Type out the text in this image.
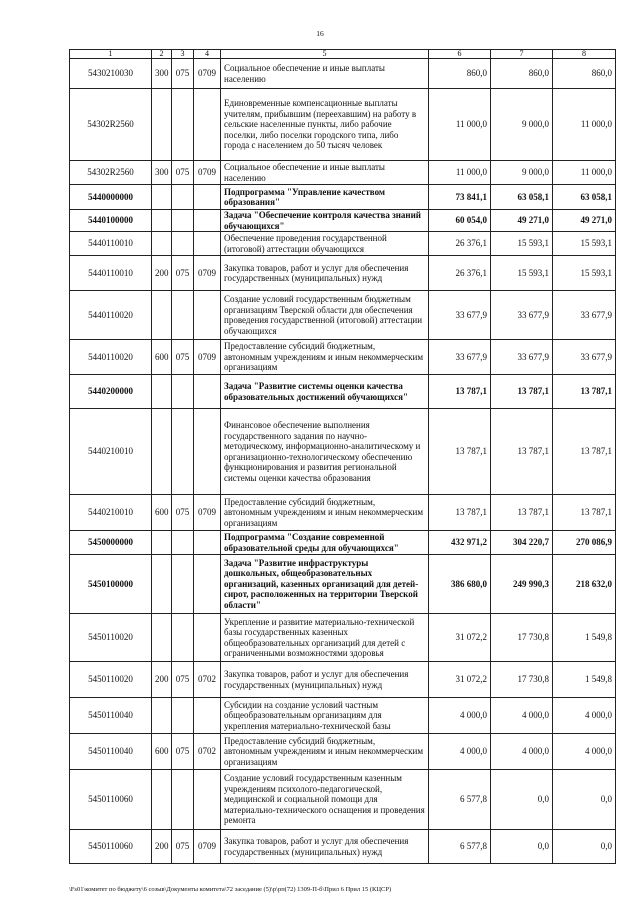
16
1	2	3	4	5	6	7	8
5430210030	300	075	0709	Социальное обеспечение и иные выплаты населению	860,0	860,0	860,0
54302R2560				Единовременные компенсационные выплаты учителям, прибывшим (переехавшим) на работу в сельские населенные пункты, либо рабочие поселки, либо поселки городского типа, либо города с населением до 50 тысяч человек	11 000,0	9 000,0	11 000,0
54302R2560	300	075	0709	Социальное обеспечение и иные выплаты населению	11 000,0	9 000,0	11 000,0
5440000000				Подпрограмма "Управление качеством образования"	73 841,1	63 058,1	63 058,1
5440100000				Задача "Обеспечение контроля качества знаний обучающихся"	60 054,0	49 271,0	49 271,0
5440110010				Обеспечение проведения государственной (итоговой) аттестации обучающихся	26 376,1	15 593,1	15 593,1
5440110010	200	075	0709	Закупка товаров, работ и услуг для обеспечения государственных (муниципальных) нужд	26 376,1	15 593,1	15 593,1
5440110020				Создание условий государственным бюджетным организациям Тверской области для обеспечения проведения государственной (итоговой) аттестации обучающихся	33 677,9	33 677,9	33 677,9
5440110020	600	075	0709	Предоставление субсидий бюджетным, автономным учреждениям и иным некоммерческим организациям	33 677,9	33 677,9	33 677,9
5440200000				Задача "Развитие системы оценки качества образовательных достижений обучающихся"	13 787,1	13 787,1	13 787,1
5440210010				Финансовое обеспечение выполнения государственного задания по научно-методическому, информационно-аналитическому и организационно-технологическому обеспечению функционирования и развития региональной системы оценки качества образования	13 787,1	13 787,1	13 787,1
5440210010	600	075	0709	Предоставление субсидий бюджетным, автономным учреждениям и иным некоммерческим организациям	13 787,1	13 787,1	13 787,1
5450000000				Подпрограмма "Создание современной образовательной среды для обучающихся"	432 971,2	304 220,7	270 086,9
5450100000				Задача "Развитие инфраструктуры дошкольных, общеобразовательных организаций, казенных организаций для детей-сирот, расположенных на территории Тверской области"	386 680,0	249 990,3	218 632,0
5450110020				Укрепление и развитие материально-технической базы государственных казенных общеобразовательных организаций для детей с ограниченными возможностями здоровья	31 072,2	17 730,8	1 549,8
5450110020	200	075	0702	Закупка товаров, работ и услуг для обеспечения государственных (муниципальных) нужд	31 072,2	17 730,8	1 549,8
5450110040				Субсидии на создание условий частным общеобразовательным организациям для укрепления материально-технической базы	4 000,0	4 000,0	4 000,0
5450110040	600	075	0702	Предоставление субсидий бюджетным, автономным учреждениям и иным некоммерческим организациям	4 000,0	4 000,0	4 000,0
5450110060				Создание условий государственным казенным учреждениям психолого-педагогической, медицинской и социальной помощи для материально-технического оснащения и проведения ремонта	6 577,8	0,0	0,0
5450110060	200	075	0709	Закупка товаров, работ и услуг для обеспечения государственных (муниципальных) нужд	6 577,8	0,0	0,0
\Fs01\комитет по бюджету\6 созыв\Документы комитета\72 заседание (5)\р\рп(72) 1309-П-б\Прил 6 Прил 15 (КЦСР)
